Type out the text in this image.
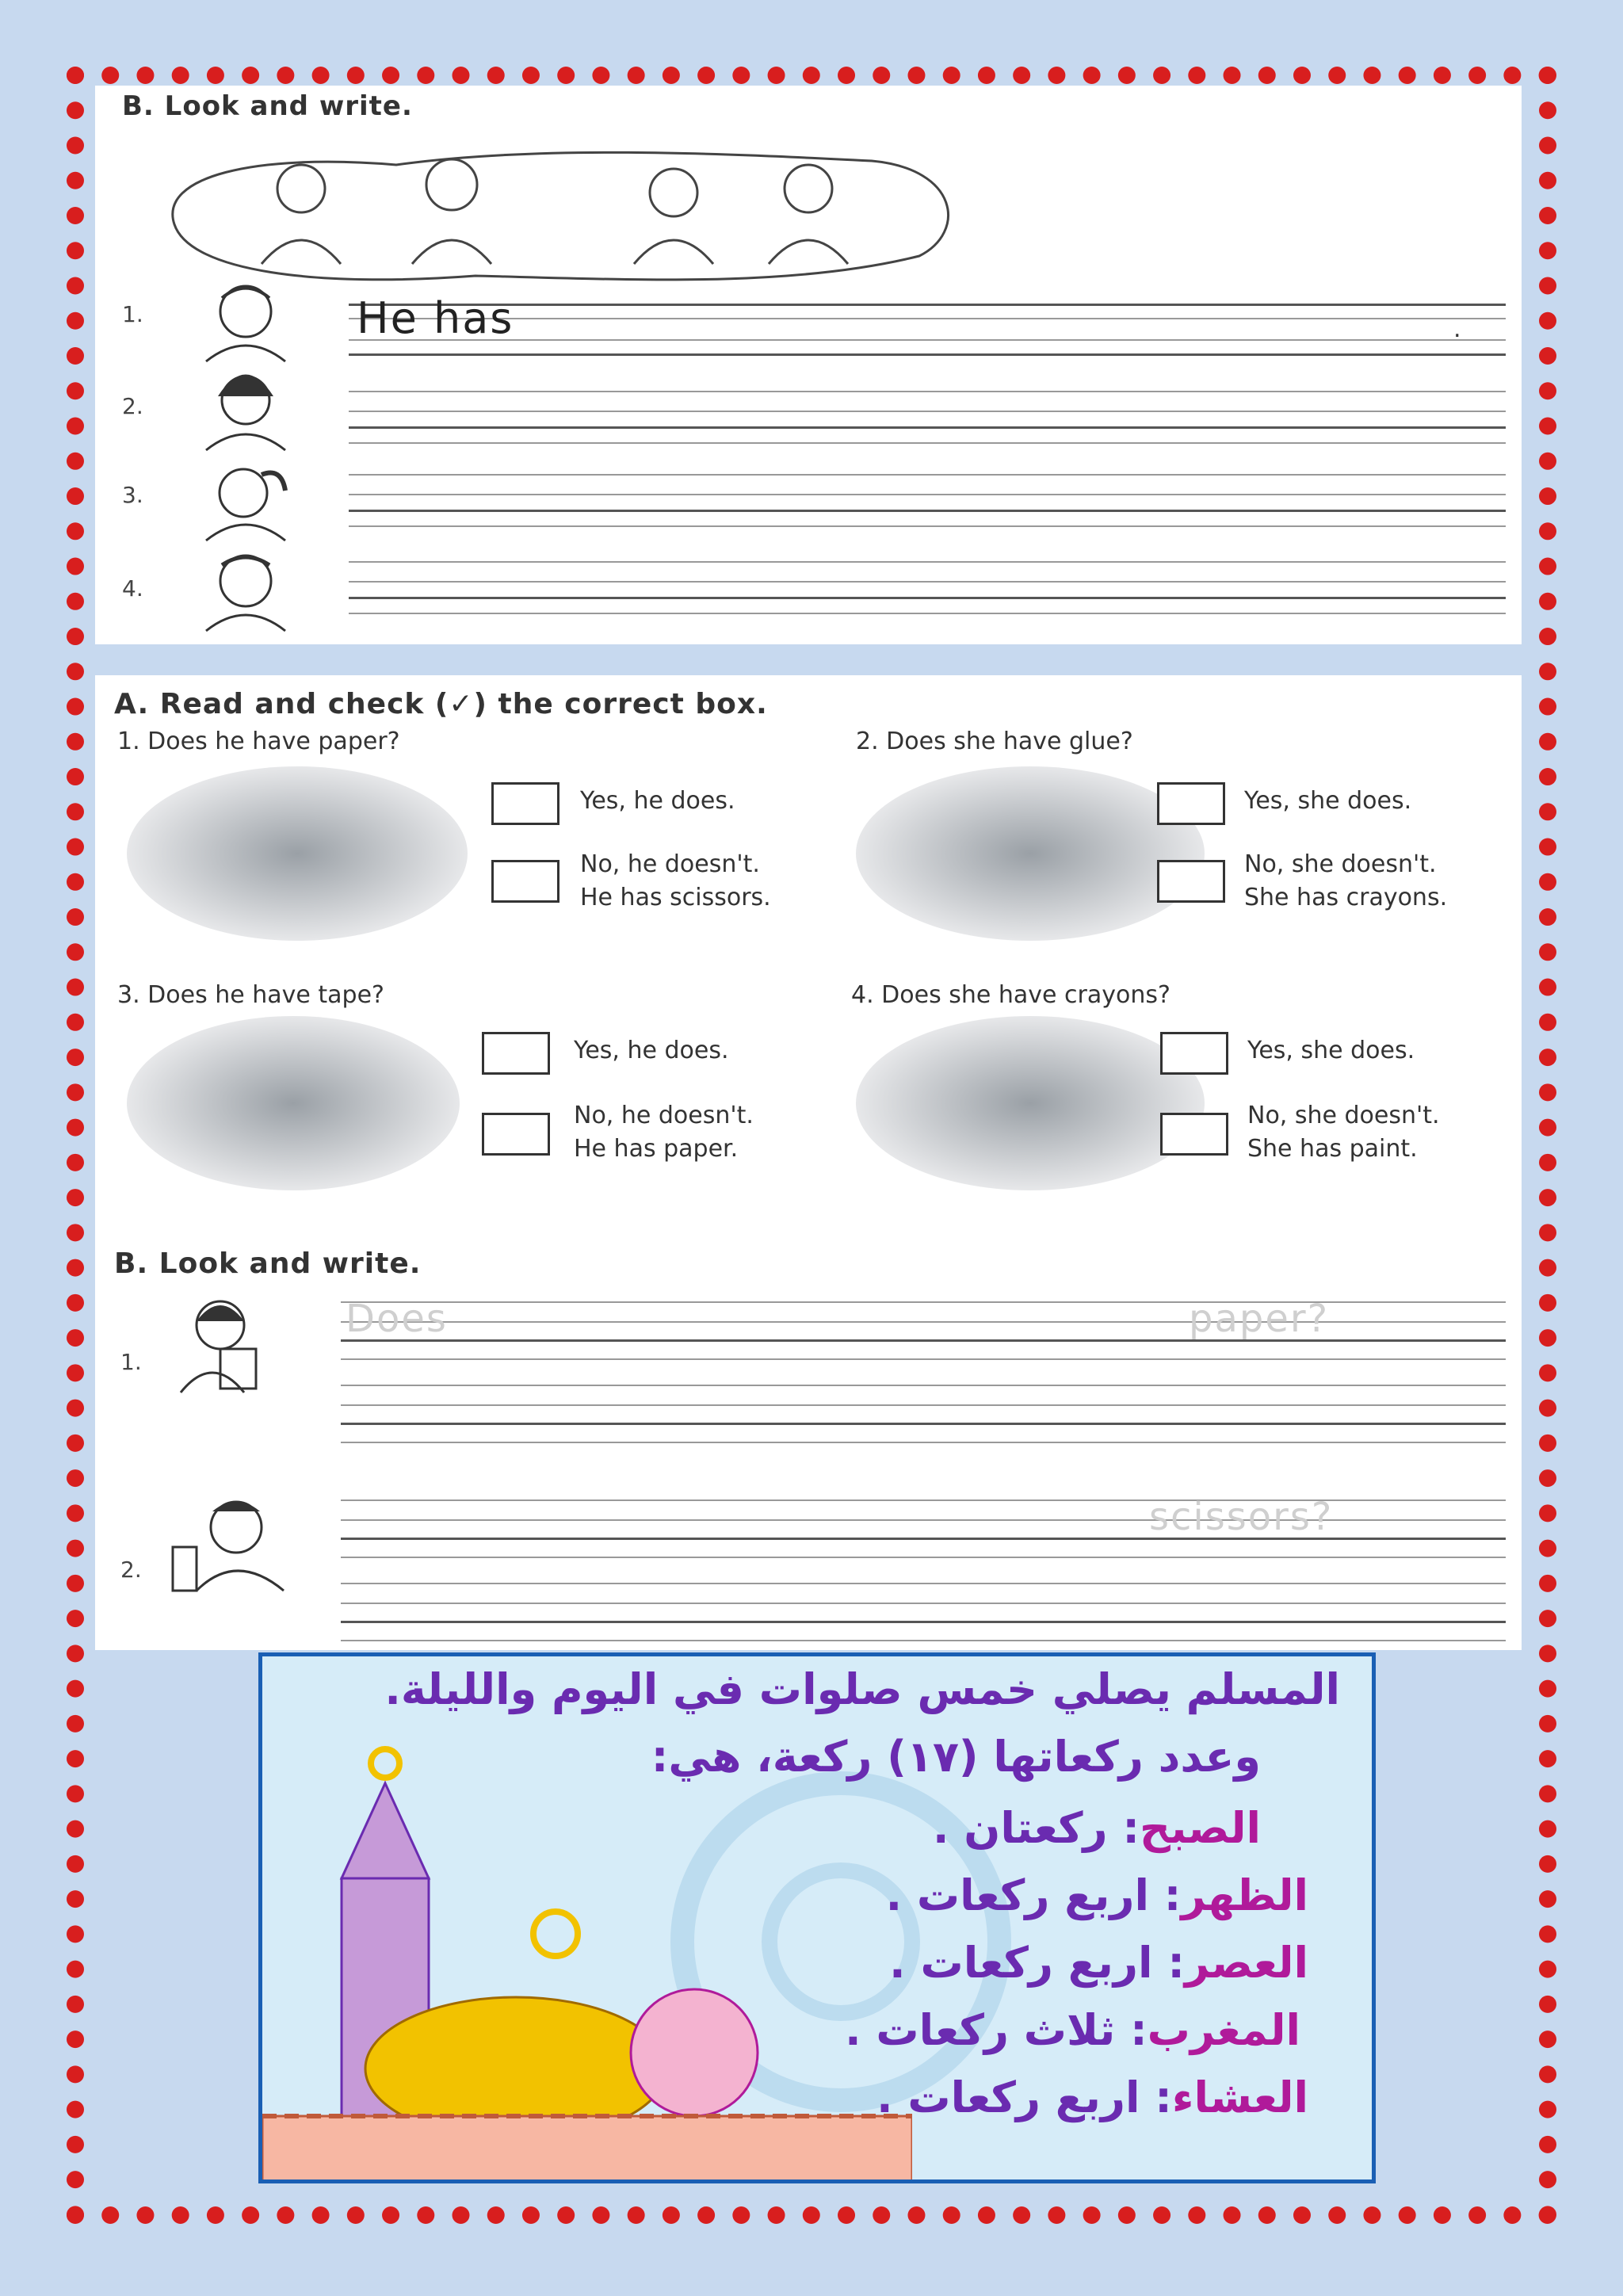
B. Look and write.
1.
2.
3.
4.
He has	.
A. Read and check (✓) the correct box.
1. Does he have paper?
Yes, he does.
No, he doesn't.
He has scissors.
2. Does she have glue?
Yes, she does.
No, she doesn't.
She has crayons.
3. Does he have tape?
Yes, he does.
No, he doesn't.
He has paper.
4. Does she have crayons?
Yes, she does.
No, she doesn't.
She has paint.
B. Look and write.
1.
Does	paper?
2.
scissors?
المسلم يصلي خمس صلوات في اليوم والليلة.
وعدد ركعاتها (١٧) ركعة، هي:
الصبح: ركعتان .
الظهر: اربع ركعات .
العصر: اربع ركعات .
المغرب: ثلاث ركعات .
العشاء: اربع ركعات .
